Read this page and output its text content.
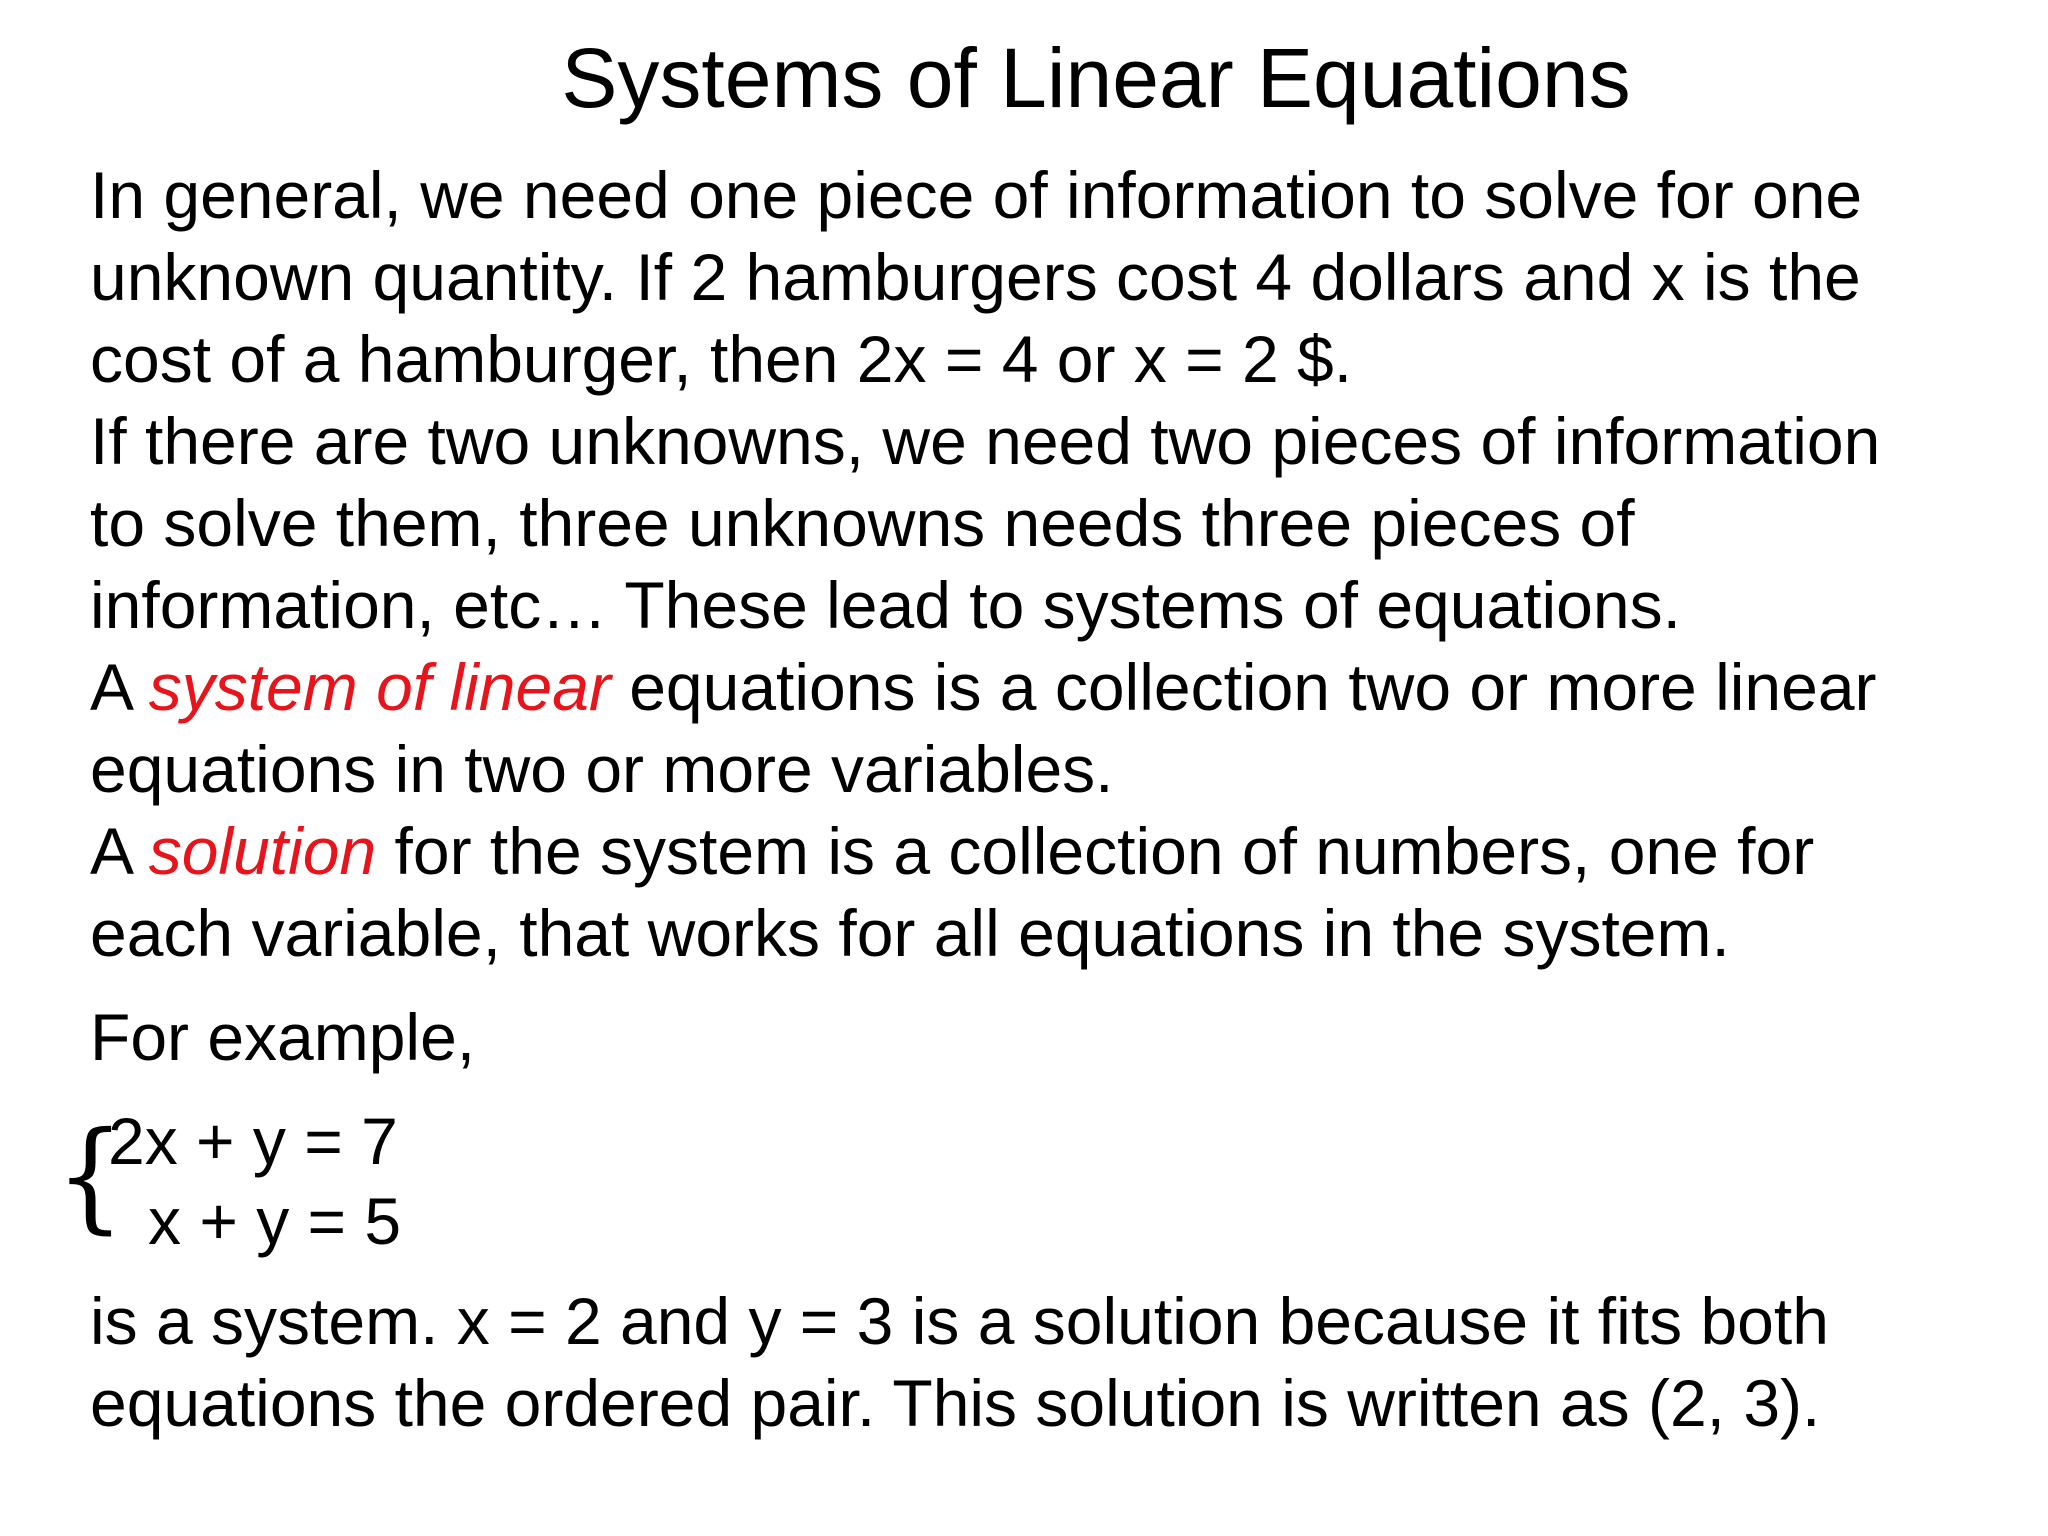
Systems of Linear Equations
In general, we need one piece of information to solve for one
unknown quantity. If 2 hamburgers cost 4 dollars and x is the
cost of a hamburger, then 2x = 4 or x = 2 $.
If there are two unknowns, we need two pieces of information
to solve them, three unknowns needs three pieces of
information, etc… These lead to systems of equations.
A system of linear equations is a collection two or more linear
equations in two or more variables.
A solution for the system is a collection of numbers, one for
each variable, that works for all equations in the system.
For example,
{
2x + y = 7
x + y = 5
is a system. x = 2 and y = 3 is a solution because it fits both
equations the ordered pair. This solution is written as (2, 3).
